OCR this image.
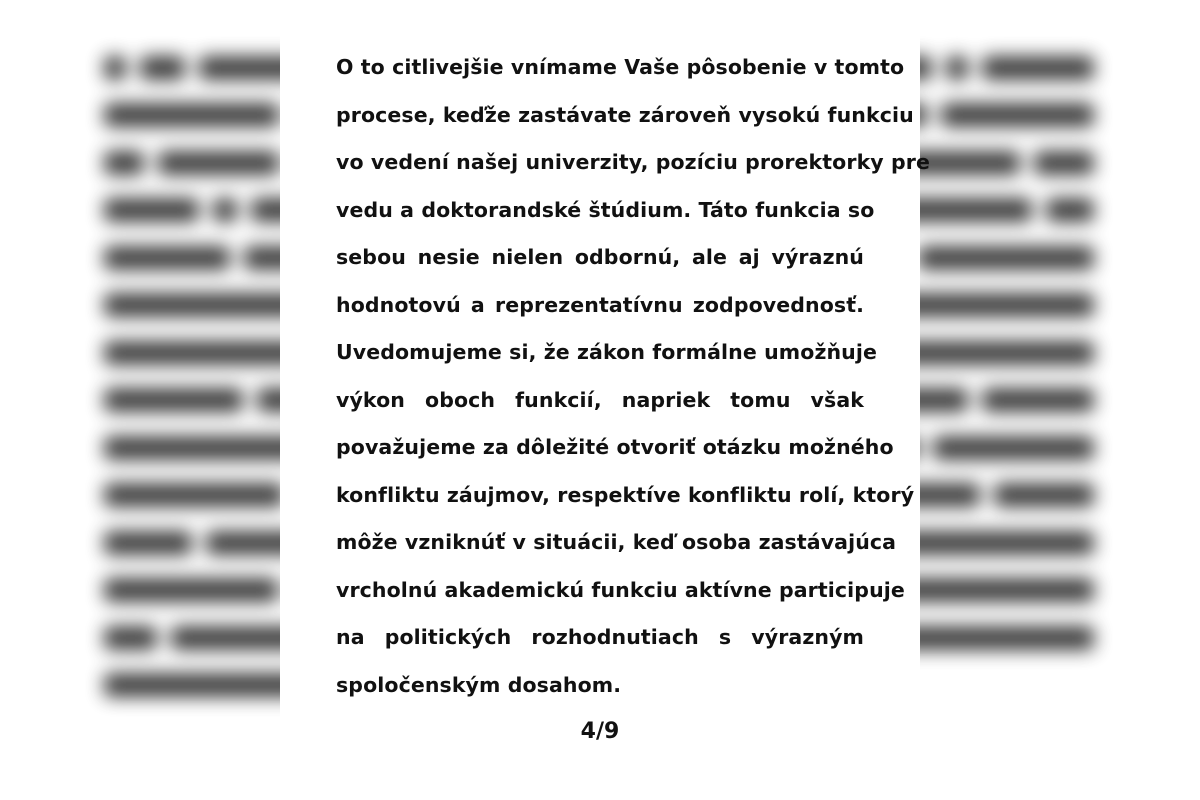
O to citlivejšie vnímame Vaše pôsobenie v tomto
procese, keďže zastávate zároveň vysokú funkciu
vo vedení našej univerzity, pozíciu prorektorky pre
vedu a doktorandské štúdium. Táto funkcia so
sebou nesie nielen odbornú, ale aj výraznú
hodnotovú a reprezentatívnu zodpovednosť.
Uvedomujeme si, že zákon formálne umožňuje
výkon oboch funkcií, napriek tomu však
považujeme za dôležité otvoriť otázku možného
konfliktu záujmov, respektíve konfliktu rolí, ktorý
môže vzniknúť v situácii, keď osoba zastávajúca
vrcholnú akademickú funkciu aktívne participuje
na politických rozhodnutiach s výrazným
spoločenským dosahom.
4/9
